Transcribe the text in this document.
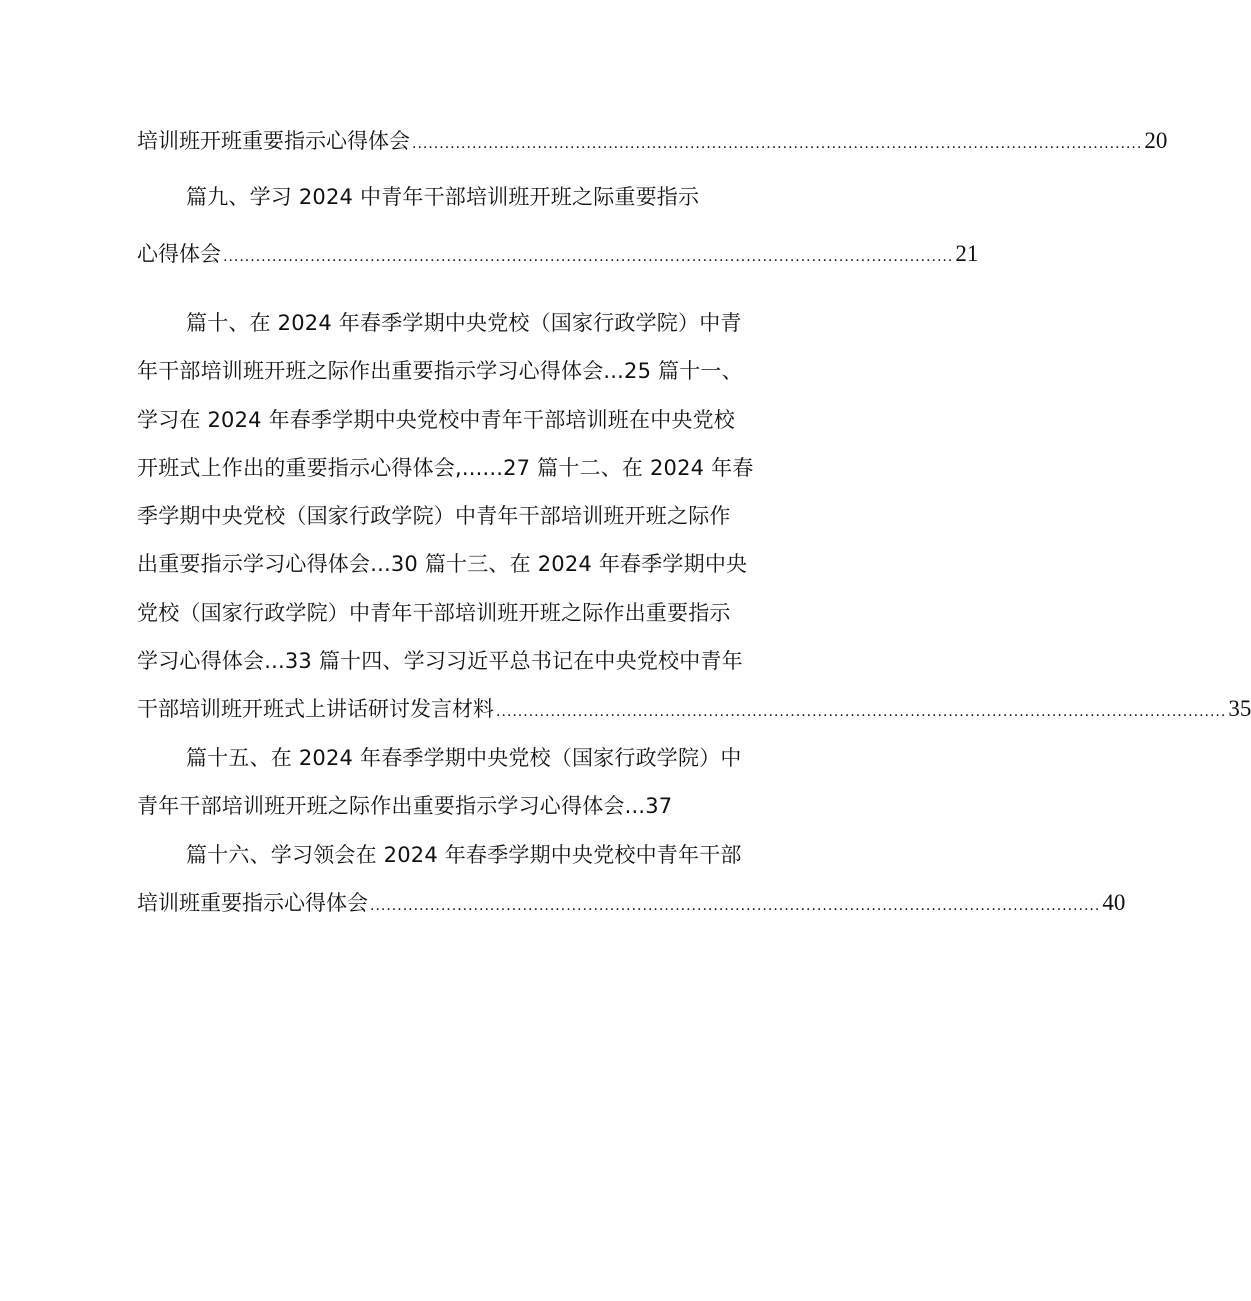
培训班开班重要指示心得体会 ...................................................................................................................................... 20
篇九、学习 2024 中青年干部培训班开班之际重要指示
心得体会 ...................................................................................................................................... 21
篇十、在 2024 年春季学期中央党校（国家行政学院）中青
年干部培训班开班之际作出重要指示学习心得体会...25 篇十一、
学习在 2024 年春季学期中央党校中青年干部培训班在中央党校
开班式上作出的重要指示心得体会,......27 篇十二、在 2024 年春
季学期中央党校（国家行政学院）中青年干部培训班开班之际作
出重要指示学习心得体会...30 篇十三、在 2024 年春季学期中央
党校（国家行政学院）中青年干部培训班开班之际作出重要指示
学习心得体会...33 篇十四、学习习近平总书记在中央党校中青年
干部培训班开班式上讲话研讨发言材料 ...................................................................................................................................... 35
篇十五、在 2024 年春季学期中央党校（国家行政学院）中
青年干部培训班开班之际作出重要指示学习心得体会...37
篇十六、学习领会在 2024 年春季学期中央党校中青年干部
培训班重要指示心得体会 ...................................................................................................................................... 40
